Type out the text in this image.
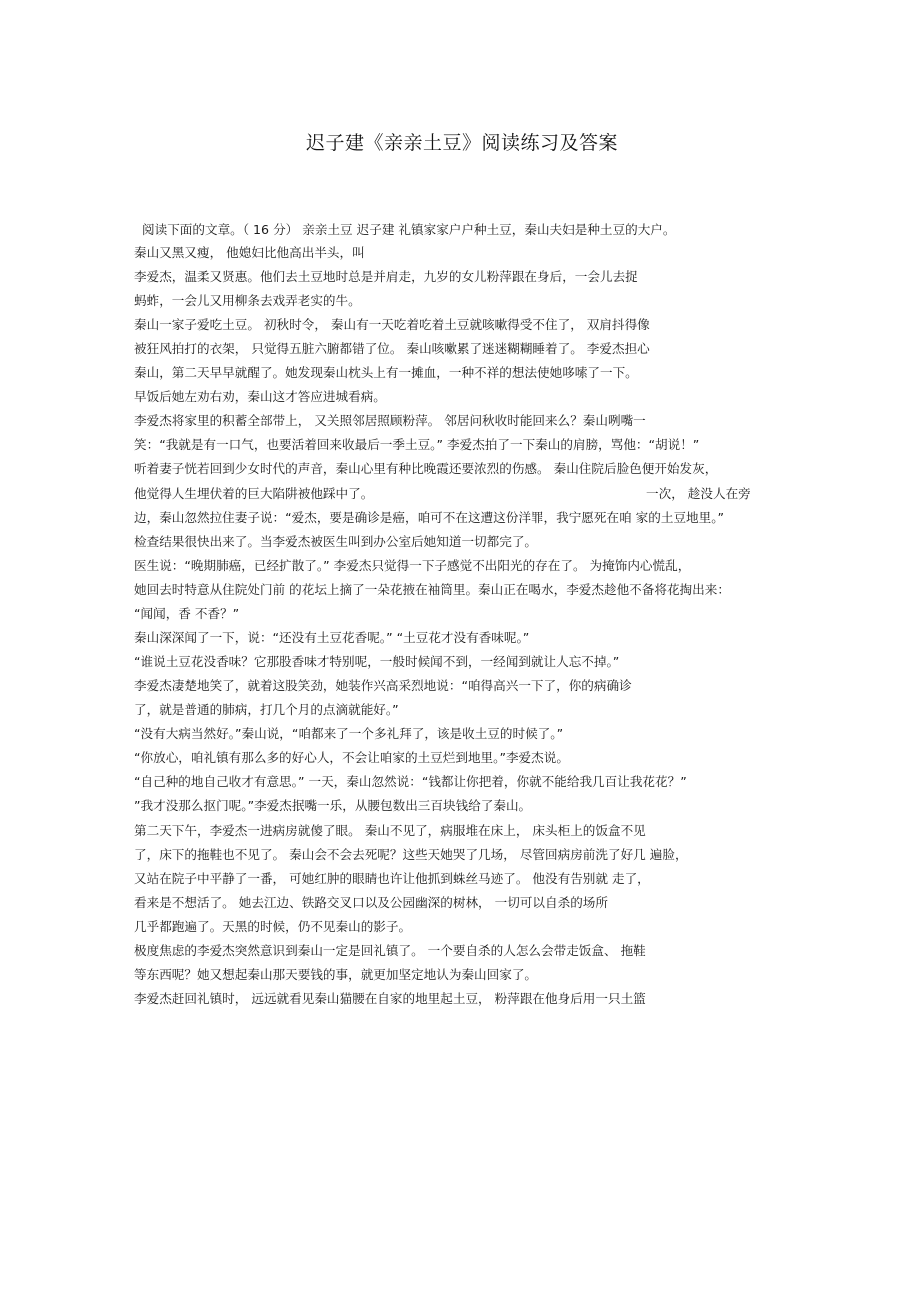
迟子建《亲亲土豆》阅读练习及答案
阅读下面的文章。（ 16 分） 亲亲土豆 迟子建 礼镇家家户户种土豆，秦山夫妇是种土豆的大户。
秦山又黑又瘦， 他媳妇比他高出半头，叫
李爱杰，温柔又贤惠。他们去土豆地时总是并肩走，九岁的女儿粉萍跟在身后，一会儿去捉
蚂蚱，一会儿又用柳条去戏弄老实的牛。
秦山一家子爱吃土豆。 初秋时令， 秦山有一天吃着吃着土豆就咳嗽得受不住了， 双肩抖得像
被狂风拍打的衣架， 只觉得五脏六腑都错了位。 秦山咳嗽累了迷迷糊糊睡着了。 李爱杰担心
秦山，第二天早早就醒了。她发现秦山枕头上有一摊血，一种不祥的想法使她哆嗦了一下。
早饭后她左劝右劝，秦山这才答应进城看病。
李爱杰将家里的积蓄全部带上， 又关照邻居照顾粉萍。 邻居问秋收时能回来么？秦山咧嘴一
笑：“我就是有一口气，也要活着回来收最后一季土豆。” 李爱杰拍了一下秦山的肩膀，骂他：“胡说！”
听着妻子恍若回到少女时代的声音，秦山心里有种比晚霞还要浓烈的伤感。 秦山住院后脸色便开始发灰，
他觉得人生埋伏着的巨大陷阱被他踩中了。	一次， 趁没人在旁
边，秦山忽然拉住妻子说：“爱杰，要是确诊是癌，咱可不在这遭这份洋罪，我宁愿死在咱 家的土豆地里。”
检查结果很快出来了。当李爱杰被医生叫到办公室后她知道一切都完了。
医生说：“晚期肺癌，已经扩散了。” 李爱杰只觉得一下子感觉不出阳光的存在了。 为掩饰内心慌乱，
她回去时特意从住院处门前 的花坛上摘了一朵花掖在袖筒里。秦山正在喝水，李爱杰趁他不备将花掏出来：
“闻闻，香 不香？”
秦山深深闻了一下，说：“还没有土豆花香呢。” “土豆花才没有香味呢。”
“谁说土豆花没香味？它那股香味才特别呢，一般时候闻不到，一经闻到就让人忘不掉。”
李爱杰凄楚地笑了，就着这股笑劲，她装作兴高采烈地说：“咱得高兴一下了，你的病确诊
了，就是普通的肺病，打几个月的点滴就能好。”
“没有大病当然好。”秦山说，“咱都来了一个多礼拜了，该是收土豆的时候了。”
“你放心，咱礼镇有那么多的好心人，不会让咱家的土豆烂到地里。”李爱杰说。
“自己种的地自己收才有意思。” 一天，秦山忽然说：“钱都让你把着，你就不能给我几百让我花花？”
”我才没那么抠门呢。”李爱杰抿嘴一乐，从腰包数出三百块钱给了秦山。
第二天下午，李爱杰一进病房就傻了眼。 秦山不见了，病服堆在床上， 床头柜上的饭盒不见
了，床下的拖鞋也不见了。 秦山会不会去死呢？这些天她哭了几场， 尽管回病房前洗了好几 遍脸，
又站在院子中平静了一番， 可她红肿的眼睛也许让他抓到蛛丝马迹了。 他没有告别就 走了，
看来是不想活了。 她去江边、铁路交叉口以及公园幽深的树林， 一切可以自杀的场所
几乎都跑遍了。天黑的时候，仍不见秦山的影子。
极度焦虑的李爱杰突然意识到秦山一定是回礼镇了。 一个要自杀的人怎么会带走饭盒、 拖鞋
等东西呢？她又想起秦山那天要钱的事，就更加坚定地认为秦山回家了。
李爱杰赶回礼镇时， 远远就看见秦山猫腰在自家的地里起土豆， 粉萍跟在他身后用一只土篮
